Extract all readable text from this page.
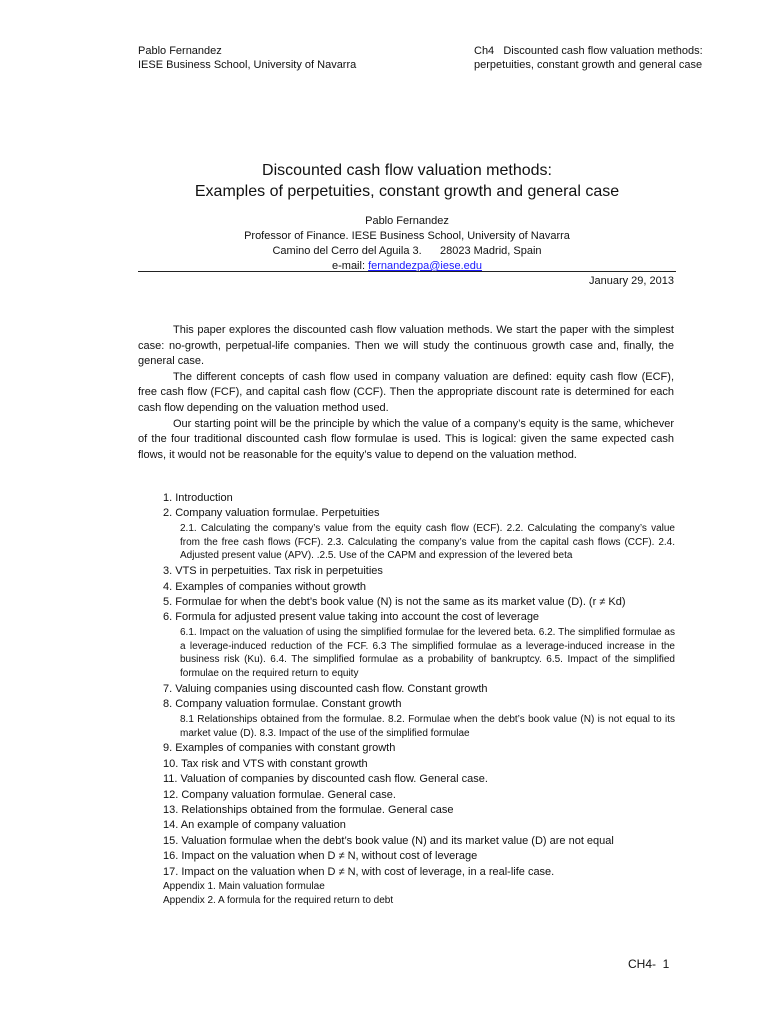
Pablo Fernandez
IESE Business School, University of Navarra
Ch4   Discounted cash flow valuation methods:
perpetuities, constant growth and general case
Discounted cash flow valuation methods:
Examples of perpetuities, constant growth and general case
Pablo Fernandez
Professor of Finance. IESE Business School, University of Navarra
Camino del Cerro del Aguila 3.      28023 Madrid, Spain
e-mail: fernandezpa@iese.edu
January 29, 2013

This paper explores the discounted cash flow valuation methods. We start the paper with the simplest case: no-growth, perpetual-life companies. Then we will study the continuous growth case and, finally, the general case.

The different concepts of cash flow used in company valuation are defined: equity cash flow (ECF), free cash flow (FCF), and capital cash flow (CCF). Then the appropriate discount rate is determined for each cash flow depending on the valuation method used.

Our starting point will be the principle by which the value of a company’s equity is the same, whichever of the four traditional discounted cash flow formulae is used. This is logical: given the same expected cash flows, it would not be reasonable for the equity’s value to depend on the valuation method.

1. Introduction
2. Company valuation formulae. Perpetuities
2.1. Calculating the company’s value from the equity cash flow (ECF). 2.2. Calculating the company’s value from the free cash flows (FCF). 2.3. Calculating the company’s value from the capital cash flows (CCF). 2.4. Adjusted present value (APV). .2.5. Use of the CAPM and expression of the levered beta
3. VTS in perpetuities. Tax risk in perpetuities
4. Examples of companies without growth
5. Formulae for when the debt’s book value (N) is not the same as its market value (D). (r ≠ Kd)
6. Formula for adjusted present value taking into account the cost of leverage
6.1. Impact on the valuation of using the simplified formulae for the levered beta. 6.2. The simplified formulae as a leverage-induced reduction of the FCF. 6.3 The simplified formulae as a leverage-induced increase in the business risk (Ku). 6.4. The simplified formulae as a probability of bankruptcy. 6.5. Impact of the simplified formulae on the required return to equity
7. Valuing companies using discounted cash flow. Constant growth
8. Company valuation formulae. Constant growth
8.1 Relationships obtained from the formulae. 8.2. Formulae when the debt’s book value (N) is not equal to its market value (D). 8.3. Impact of the use of the simplified formulae
9. Examples of companies with constant growth
10. Tax risk and VTS with constant growth
11. Valuation of companies by discounted cash flow. General case.
12. Company valuation formulae. General case.
13. Relationships obtained from the formulae. General case
14. An example of company valuation
15. Valuation formulae when the debt’s book value (N) and its market value (D) are not equal
16. Impact on the valuation when D ≠ N, without cost of leverage
17. Impact on the valuation when D ≠ N, with cost of leverage, in a real-life case.
Appendix 1. Main valuation formulae
Appendix 2. A formula for the required return to debt
CH4-  1
